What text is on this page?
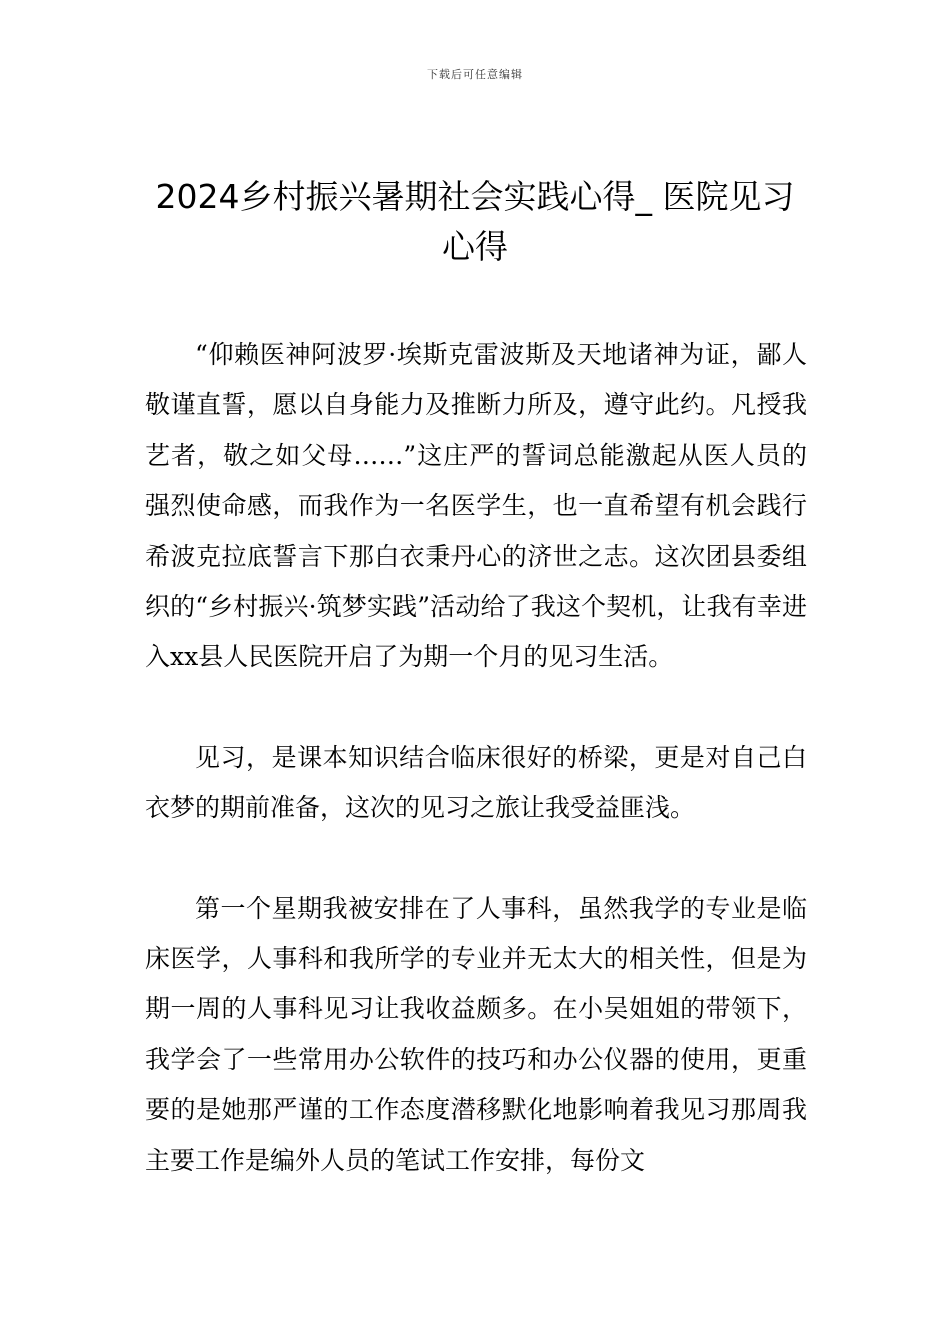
下载后可任意编辑
2024乡村振兴暑期社会实践心得_ 医院见习心得

“仰赖医神阿波罗·埃斯克雷波斯及天地诸神为证，鄙人敬谨直誓，愿以自身能力及推断力所及，遵守此约。凡授我艺者，敬之如父母……”这庄严的誓词总能激起从医人员的强烈使命感，而我作为一名医学生，也一直希望有机会践行希波克拉底誓言下那白衣秉丹心的济世之志。这次团县委组织的“乡村振兴·筑梦实践”活动给了我这个契机，让我有幸进入xx县人民医院开启了为期一个月的见习生活。

见习，是课本知识结合临床很好的桥梁，更是对自己白衣梦的期前准备，这次的见习之旅让我受益匪浅。

第一个星期我被安排在了人事科，虽然我学的专业是临床医学，人事科和我所学的专业并无太大的相关性，但是为期一周的人事科见习让我收益颇多。在小吴姐姐的带领下，我学会了一些常用办公软件的技巧和办公仪器的使用，更重要的是她那严谨的工作态度潜移默化地影响着我见习那周我主要工作是编外人员的笔试工作安排，每份文
